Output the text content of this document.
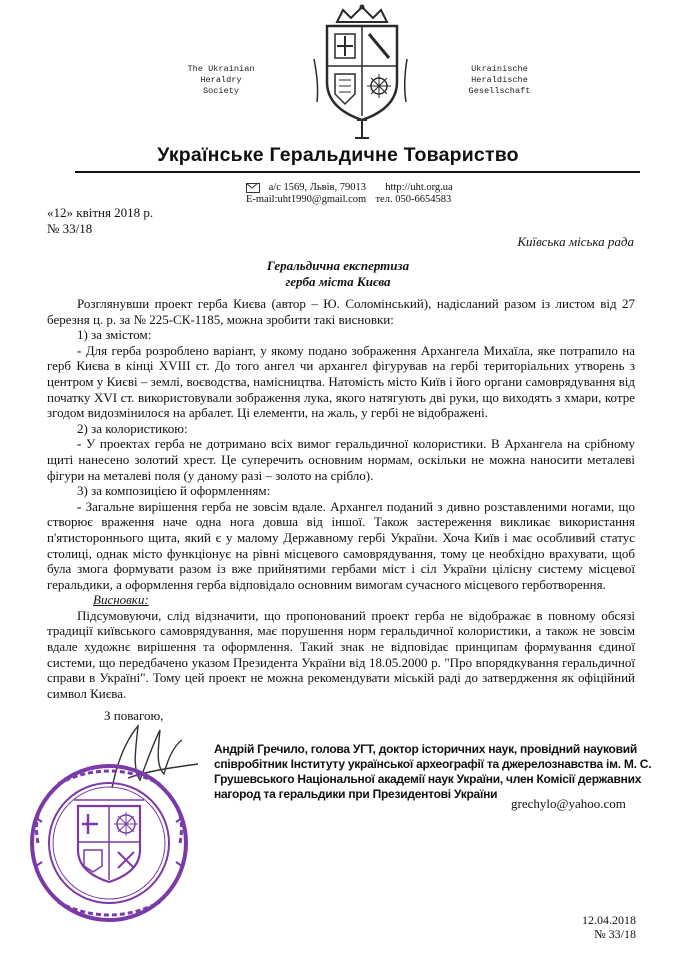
The Ukrainian
Heraldry
Society
Ukrainische
Heraldische
Gesellschaft
Українське Геральдичне Товариство
а/с 1569, Львів, 79013 http://uht.org.ua
E-mail:uht1990@gmail.com тел. 050-6654583
«12» квітня 2018 р.
№ 33/18
Київська міська рада
Геральдична експертиза
герба міста Києва
Розглянувши проект герба Києва (автор – Ю. Соломінський), надісланий разом із листом від 27 березня ц. р. за № 225-СК-1185, можна зробити такі висновки:
1) за змістом:
- Для герба розроблено варіант, у якому подано зображення Архангела Михаїла, яке потрапило на герб Києва в кінці XVIII ст. До того ангел чи архангел фігурував на гербі територіальних утворень з центром у Києві – землі, воєводства, намісництва. Натомість місто Київ і його органи самоврядування від початку XVI ст. використовували зображення лука, якого натягують дві руки, що виходять з хмари, котре згодом видозмінилося на арбалет. Ці елементи, на жаль, у гербі не відображені.
2) за колористикою:
- У проектах герба не дотримано всіх вимог геральдичної колористики. В Архангела на срібному щиті нанесено золотий хрест. Це суперечить основним нормам, оскільки не можна наносити металеві фігури на металеві поля (у даному разі – золото на срібло).
3) за композицією й оформленням:
- Загальне вирішення герба не зовсім вдале. Архангел поданий з дивно розставленими ногами, що створює враження наче одна нога довша від іншої. Також застереження викликає використання п'ятистороннього щита, який є у малому Державному гербі України. Хоча Київ і має особливий статус столиці, однак місто функціонує на рівні місцевого самоврядування, тому це необхідно врахувати, щоб була змога формувати разом із вже прийнятими гербами міст і сіл України цілісну систему місцевої геральдики, а оформлення герба відповідало основним вимогам сучасного місцевого герботворення.
Висновки:
Підсумовуючи, слід відзначити, що пропонований проект герба не відображає в повному обсязі традиції київського самоврядування, має порушення норм геральдичної колористики, а також не зовсім вдале художнє вирішення та оформлення. Такий знак не відповідає принципам формування єдиної системи, що передбачено указом Президента України від 18.05.2000 р. "Про впорядкування геральдичної справи в Україні". Тому цей проект не можна рекомендувати міській раді до затвердження як офіційний символ Києва.
З повагою,
Андрій Гречило, голова УГТ, доктор історичних наук, провідний науковий співробітник Інституту української археографії та джерелознавства ім. М. С. Грушевського Національної академії наук України, член Комісії державних нагород та геральдики при Президентові України
grechylo@yahoo.com
12.04.2018
№ 33/18
